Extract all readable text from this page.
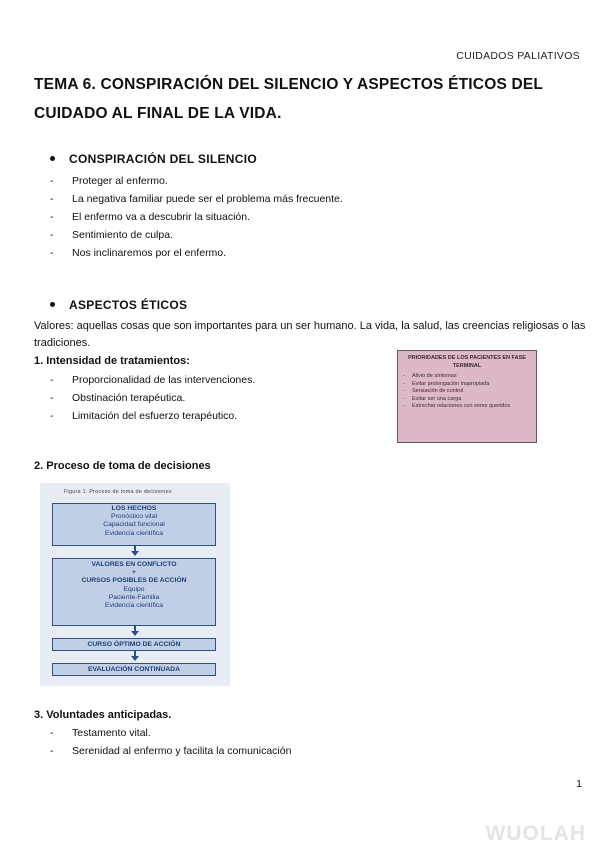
CUIDADOS PALIATIVOS
TEMA 6. CONSPIRACIÓN DEL SILENCIO Y ASPECTOS ÉTICOS DEL CUIDADO AL FINAL DE LA VIDA.
CONSPIRACIÓN DEL SILENCIO
- Proteger al enfermo.
- La negativa familiar puede ser el problema más frecuente.
- El enfermo va a descubrir la situación.
- Sentimiento de culpa.
- Nos inclinaremos por el enfermo.
ASPECTOS ÉTICOS
Valores: aquellas cosas que son importantes para un ser humano. La vida, la salud, las creencias religiosas o las tradiciones.
1. Intensidad de tratamientos:
- Proporcionalidad de las intervenciones.
- Obstinación terapéutica.
- Limitación del esfuerzo terapéutico.
PRIORIDADES DE LOS PACIENTES EN FASE TERMINAL
- Alivio de síntomas
- Evitar prolongación inapropiada
- Sensación de control
- Evitar ser una carga
- Estrechar relaciones con seres queridos
2. Proceso de toma de decisiones
Figura 1: Proceso de toma de decisiones
LOS HECHOS
Pronóstico vital
Capacidad funcional
Evidencia científica
VALORES EN CONFLICTO
+
CURSOS POSIBLES DE ACCIÓN
Equipo
Paciente-Familia
Evidencia científica
CURSO ÓPTIMO DE ACCIÓN
EVALUACIÓN CONTINUADA
3. Voluntades anticipadas.
- Testamento vital.
- Serenidad al enfermo y facilita la comunicación
1
WUOLAH
